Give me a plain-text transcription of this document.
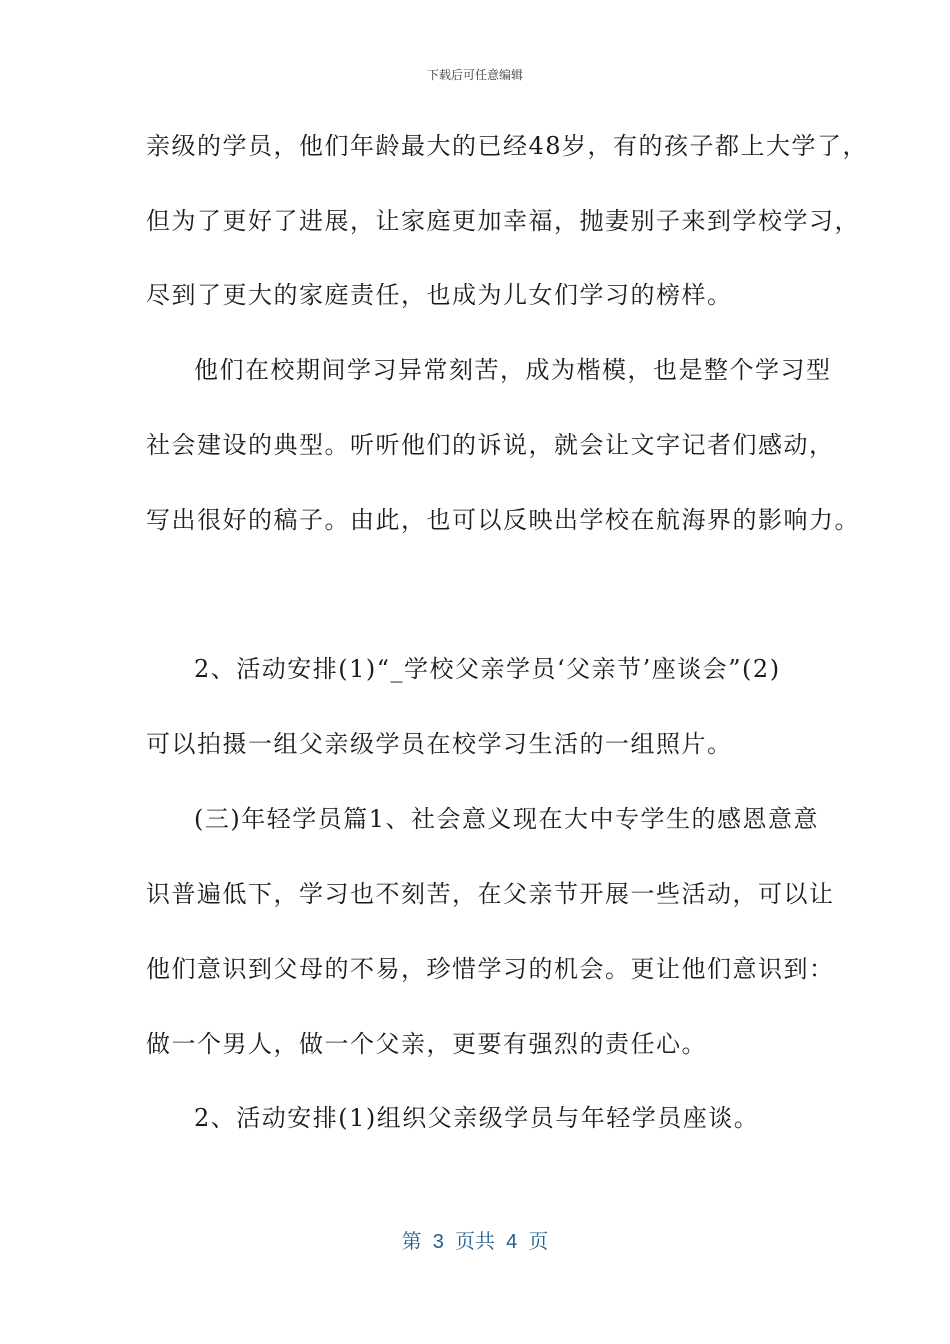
下载后可任意编辑
亲级的学员，他们年龄最大的已经48岁，有的孩子都上大学了，
但为了更好了进展，让家庭更加幸福，抛妻别子来到学校学习，
尽到了更大的家庭责任，也成为儿女们学习的榜样。
他们在校期间学习异常刻苦，成为楷模，也是整个学习型
社会建设的典型。听听他们的诉说，就会让文字记者们感动，
写出很好的稿子。由此，也可以反映出学校在航海界的影响力。
2、活动安排(1)“_学校父亲学员‘父亲节’座谈会”(2)
可以拍摄一组父亲级学员在校学习生活的一组照片。
(三)年轻学员篇1、社会意义现在大中专学生的感恩意意
识普遍低下，学习也不刻苦，在父亲节开展一些活动，可以让
他们意识到父母的不易，珍惜学习的机会。更让他们意识到：
做一个男人，做一个父亲，更要有强烈的责任心。
2、活动安排(1)组织父亲级学员与年轻学员座谈。
第  3  页共  4  页
